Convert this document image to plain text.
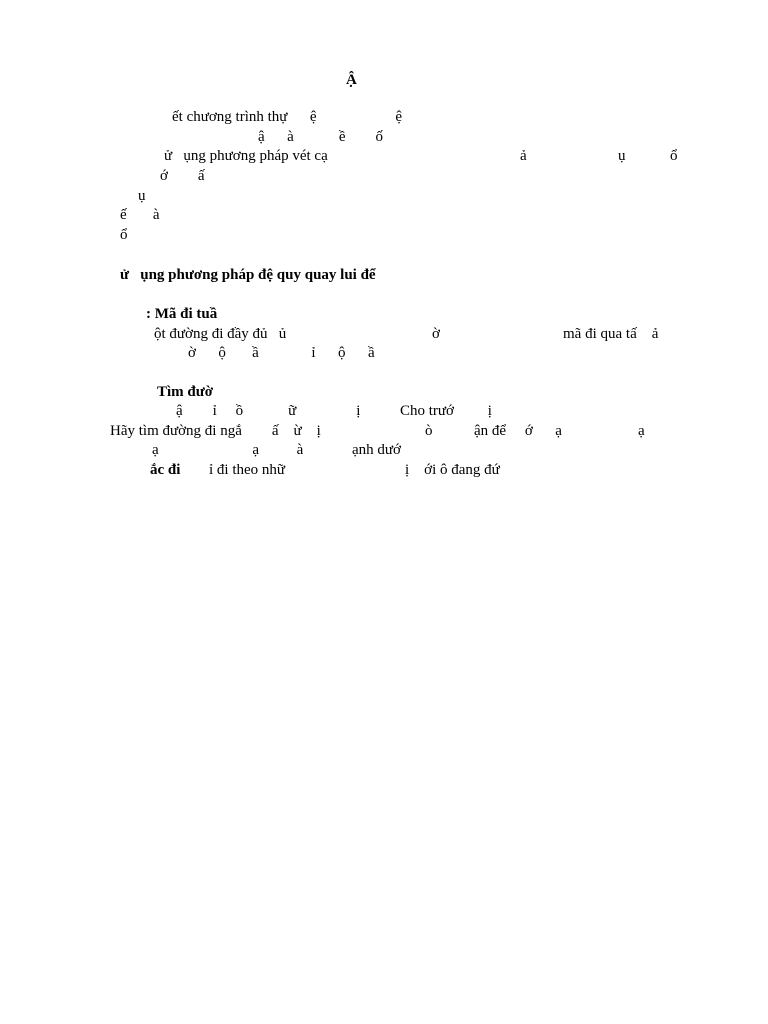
Ậ
ết chương trình thự      ệ                     ệ
ậ      à            ề        ố
ử   ụng phương pháp vét cạ	ả	ụ	ổ
ớ        ấ
ụ
ế       à
ổ
ử   ụng phương pháp đệ quy quay lui để
: Mã đi tuầ
ột đường đi đầy đủ   ủ	ờ	mã đi qua tấ    ả
ờ      ộ       ầ              ỉ      ộ      ầ
Tìm đườ
ậ        ỉ     ồ            ữ                ị	Cho trướ         ị
Hãy tìm đường đi ngắ        ấ    ừ    ị	ò	ận để     ớ      ạ	ạ
ạ                         ạ          à             ạnh dướ
ắc đi ỉ đi theo nhữ	ị    ới ô đang đứ
